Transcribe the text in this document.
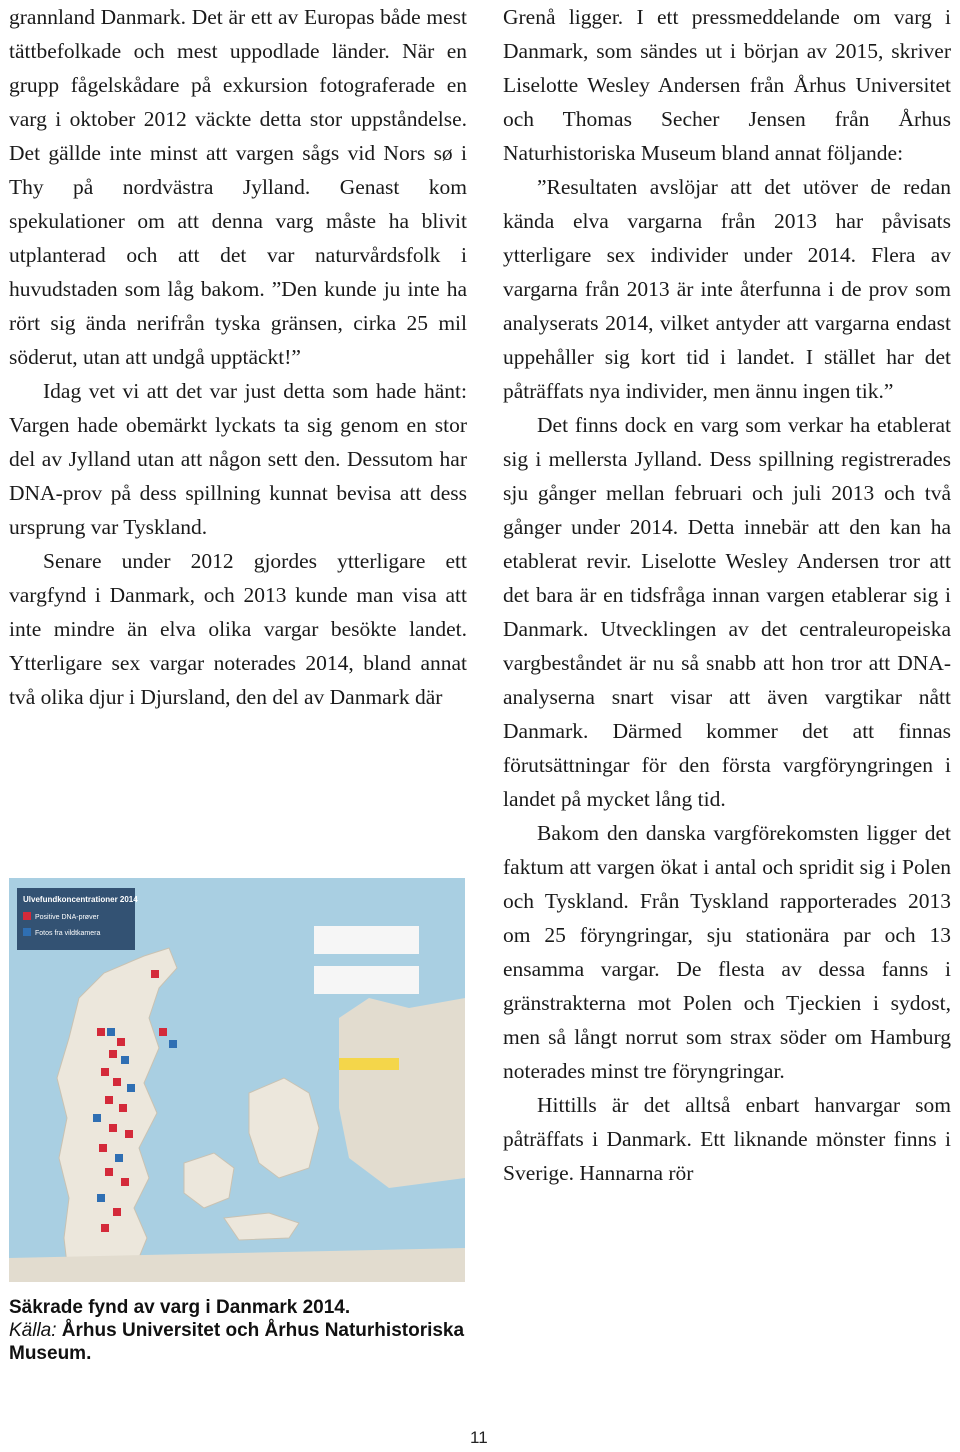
grannland Danmark. Det är ett av Europas både mest tättbefolkade och mest uppodlade länder. När en grupp fågelskådare på exkursion fotograferade en varg i oktober 2012 väckte detta stor uppståndelse. Det gällde inte minst att vargen sågs vid Nors sø i Thy på nordvästra Jylland. Genast kom spekulationer om att denna varg måste ha blivit utplanterad och att det var naturvårdsfolk i huvudstaden som låg bakom. ”Den kunde ju inte ha rört sig ända nerifrån tyska gränsen, cirka 25 mil söderut, utan att undgå upptäckt!”

Idag vet vi att det var just detta som hade hänt: Vargen hade obemärkt lyckats ta sig genom en stor del av Jylland utan att någon sett den. Dessutom har DNA-prov på dess spillning kunnat bevisa att dess ursprung var Tyskland.

Senare under 2012 gjordes ytterligare ett vargfynd i Danmark, och 2013 kunde man visa att inte mindre än elva olika vargar besökte landet. Ytterligare sex vargar noterades 2014, bland annat två olika djur i Djursland, den del av Danmark där

Ulvefundkoncentrationer 2014
Positive DNA-prøver
Fotos fra vildtkamera
Säkrade fynd av varg i Danmark 2014.
Källa: Århus Universitet och Århus Naturhistoriska Museum.

Grenå ligger. I ett pressmeddelande om varg i Danmark, som sändes ut i början av 2015, skriver Liselotte Wesley Andersen från Århus Universitet och Thomas Secher Jensen från Århus Naturhistoriska Museum bland annat följande:

”Resultaten avslöjar att det utöver de redan kända elva vargarna från 2013 har påvisats ytterligare sex individer under 2014. Flera av vargarna från 2013 är inte återfunna i de prov som analyserats 2014, vilket antyder att vargarna endast uppehåller sig kort tid i landet. I stället har det påträffats nya individer, men ännu ingen tik.”

Det finns dock en varg som verkar ha etablerat sig i mellersta Jylland. Dess spillning registrerades sju gånger mellan februari och juli 2013 och två gånger under 2014. Detta innebär att den kan ha etablerat revir. Liselotte Wesley Andersen tror att det bara är en tidsfråga innan vargen etablerar sig i Danmark. Utvecklingen av det centraleuropeiska vargbeståndet är nu så snabb att hon tror att DNA-analyserna snart visar att även vargtikar nått Danmark. Därmed kommer det att finnas förutsättningar för den första vargföryngringen i landet på mycket lång tid.

Bakom den danska vargförekomsten ligger det faktum att vargen ökat i antal och spridit sig i Polen och Tyskland. Från Tyskland rapporterades 2013 om 25 föryngringar, sju stationära par och 13 ensamma vargar. De flesta av dessa fanns i gränstrakterna mot Polen och Tjeckien i sydost, men så långt norrut som strax söder om Hamburg noterades minst tre föryngringar.

Hittills är det alltså enbart hanvargar som påträffats i Danmark. Ett liknande mönster finns i Sverige. Hannarna rör

11
